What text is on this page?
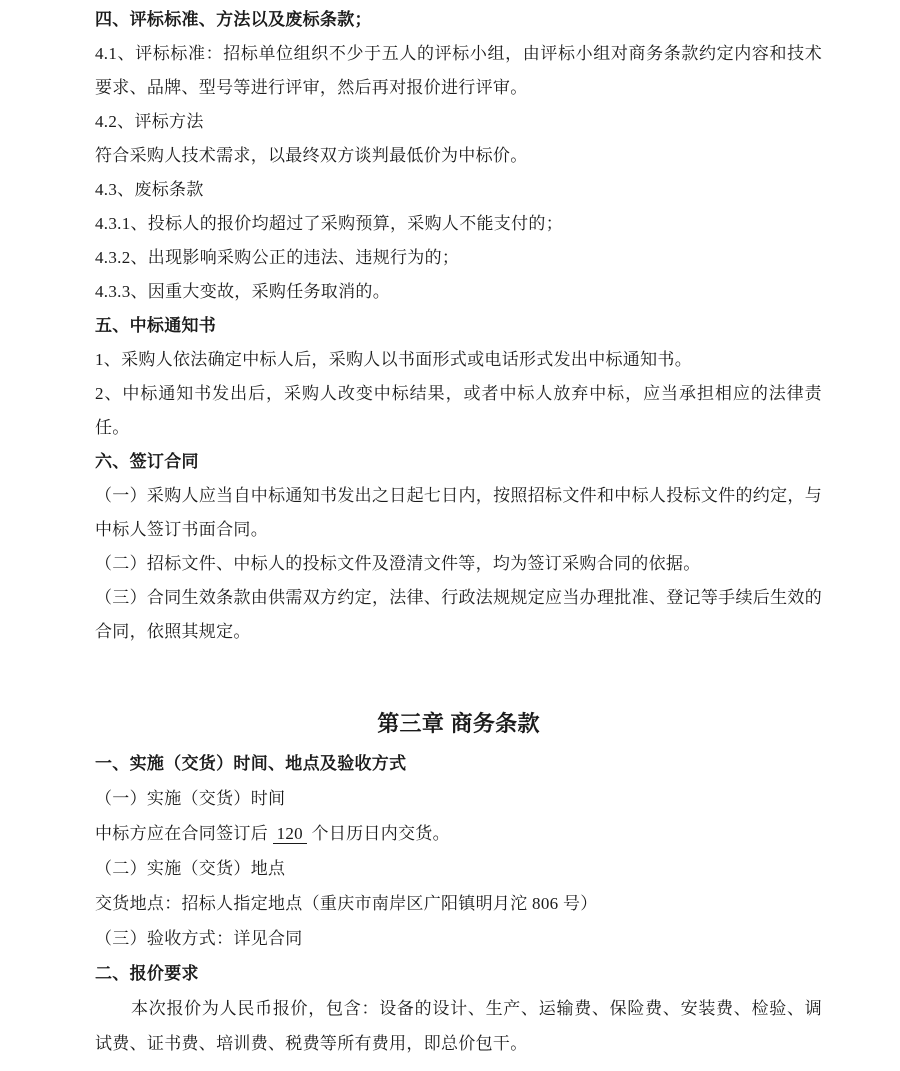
四、评标标准、方法以及废标条款；

4.1、评标标准：招标单位组织不少于五人的评标小组，由评标小组对商务条款约定内容和技术要求、品牌、型号等进行评审，然后再对报价进行评审。

4.2、评标方法

符合采购人技术需求，以最终双方谈判最低价为中标价。

4.3、废标条款

4.3.1、投标人的报价均超过了采购预算，采购人不能支付的；

4.3.2、出现影响采购公正的违法、违规行为的；

4.3.3、因重大变故，采购任务取消的。

五、中标通知书

1、采购人依法确定中标人后，采购人以书面形式或电话形式发出中标通知书。

2、中标通知书发出后，采购人改变中标结果，或者中标人放弃中标，应当承担相应的法律责任。

六、签订合同

（一）采购人应当自中标通知书发出之日起七日内，按照招标文件和中标人投标文件的约定，与中标人签订书面合同。

（二）招标文件、中标人的投标文件及澄清文件等，均为签订采购合同的依据。

（三）合同生效条款由供需双方约定，法律、行政法规规定应当办理批准、登记等手续后生效的合同，依照其规定。

第三章 商务条款

一、实施（交货）时间、地点及验收方式

（一）实施（交货）时间

中标方应在合同签订后 120 个日历日内交货。

（二）实施（交货）地点

交货地点：招标人指定地点（重庆市南岸区广阳镇明月沱 806 号）

（三）验收方式：详见合同

二、报价要求

本次报价为人民币报价，包含：设备的设计、生产、运输费、保险费、安装费、检验、调试费、证书费、培训费、税费等所有费用，即总价包干。
